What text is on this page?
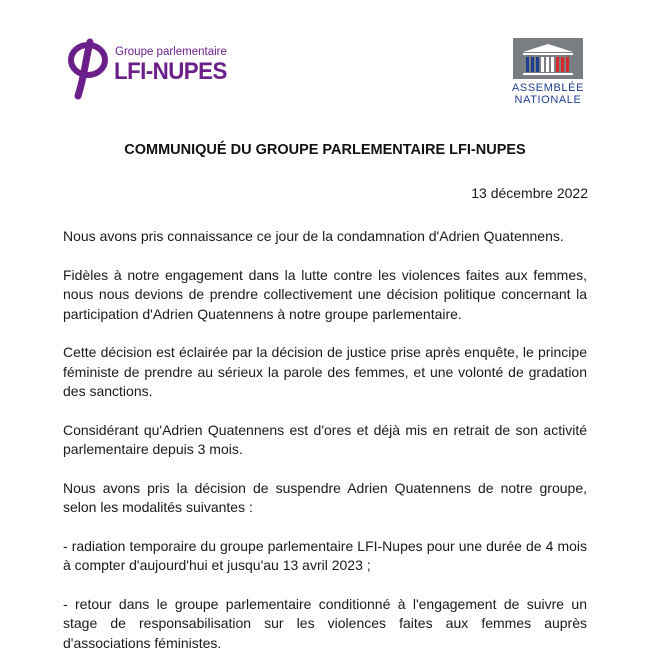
Groupe parlementaire
LFI-NUPES
ASSEMBLÉE
NATIONALE
COMMUNIQUÉ DU GROUPE PARLEMENTAIRE LFI-NUPES
13 décembre 2022

Nous avons pris connaissance ce jour de la condamnation d'Adrien Quatennens.

Fidèles à notre engagement dans la lutte contre les violences faites aux femmes, nous nous devions de prendre collectivement une décision politique concernant la participation d'Adrien Quatennens à notre groupe parlementaire.

Cette décision est éclairée par la décision de justice prise après enquête, le principe féministe de prendre au sérieux la parole des femmes, et une volonté de gradation des sanctions.

Considérant qu'Adrien Quatennens est d'ores et déjà mis en retrait de son activité parlementaire depuis 3 mois.

Nous avons pris la décision de suspendre Adrien Quatennens de notre groupe, selon les modalités suivantes :

- radiation temporaire du groupe parlementaire LFI-Nupes pour une durée de 4 mois à compter d'aujourd'hui et jusqu'au 13 avril 2023 ;

- retour dans le groupe parlementaire conditionné à l'engagement de suivre un stage de responsabilisation sur les violences faites aux femmes auprès d'associations féministes.
